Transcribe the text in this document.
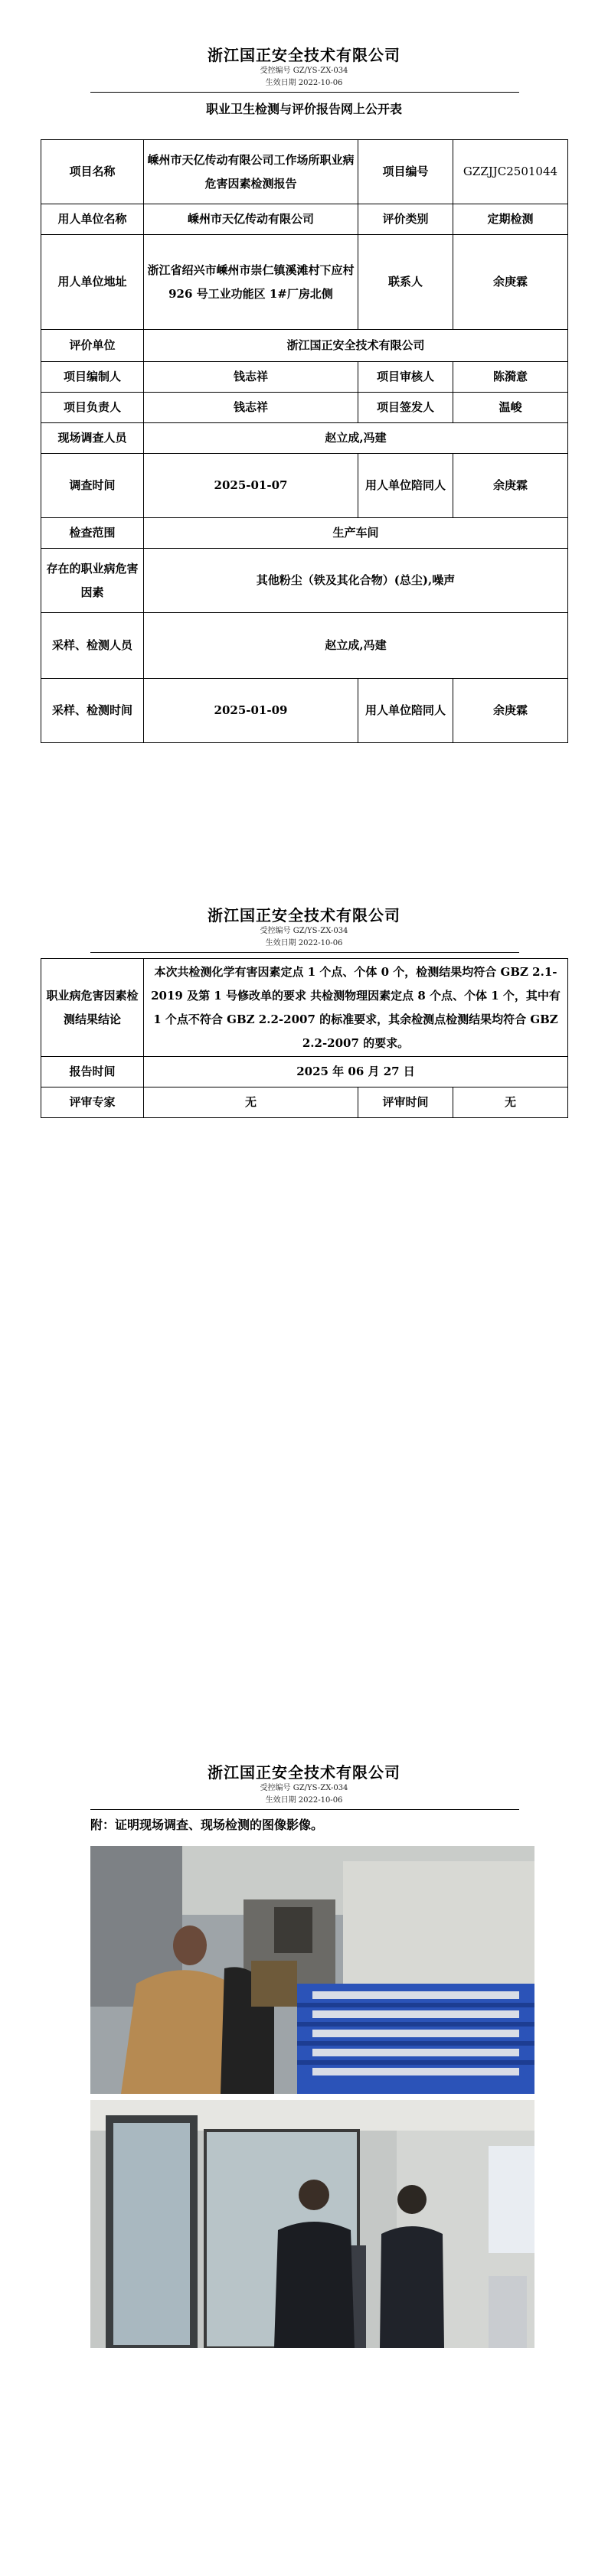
浙江国正安全技术有限公司
受控编号 GZ/YS-ZX-034
生效日期 2022-10-06
职业卫生检测与评价报告网上公开表
项目名称	嵊州市天亿传动有限公司工作场所职业病危害因素检测报告	项目编号	GZZJJC2501044
用人单位名称	嵊州市天亿传动有限公司	评价类别	定期检测
用人单位地址	浙江省绍兴市嵊州市崇仁镇溪滩村下应村 926 号工业功能区 1#厂房北侧	联系人	余庚霖
评价单位	浙江国正安全技术有限公司		
项目编制人	钱志祥	项目审核人	陈漪意
项目负责人	钱志祥	项目签发人	温峻
现场调查人员	赵立成,冯建		
调查时间	2025-01-07	用人单位陪同人	余庚霖
检查范围	生产车间		
存在的职业病危害因素	其他粉尘（铁及其化合物）(总尘),噪声		
采样、检测人员	赵立成,冯建		
采样、检测时间	2025-01-09	用人单位陪同人	余庚霖
浙江国正安全技术有限公司
受控编号 GZ/YS-ZX-034
生效日期 2022-10-06
职业病危害因素检测结果结论	本次共检测化学有害因素定点 1 个点、个体 0 个，检测结果均符合 GBZ 2.1-2019 及第 1 号修改单的要求 共检测物理因素定点 8 个点、个体 1 个，其中有 1 个点不符合 GBZ 2.2-2007 的标准要求，其余检测点检测结果均符合 GBZ 2.2-2007 的要求。		
报告时间	2025 年 06 月 27 日		
评审专家	无	评审时间	无
浙江国正安全技术有限公司
受控编号 GZ/YS-ZX-034
生效日期 2022-10-06
附：证明现场调查、现场检测的图像影像。
